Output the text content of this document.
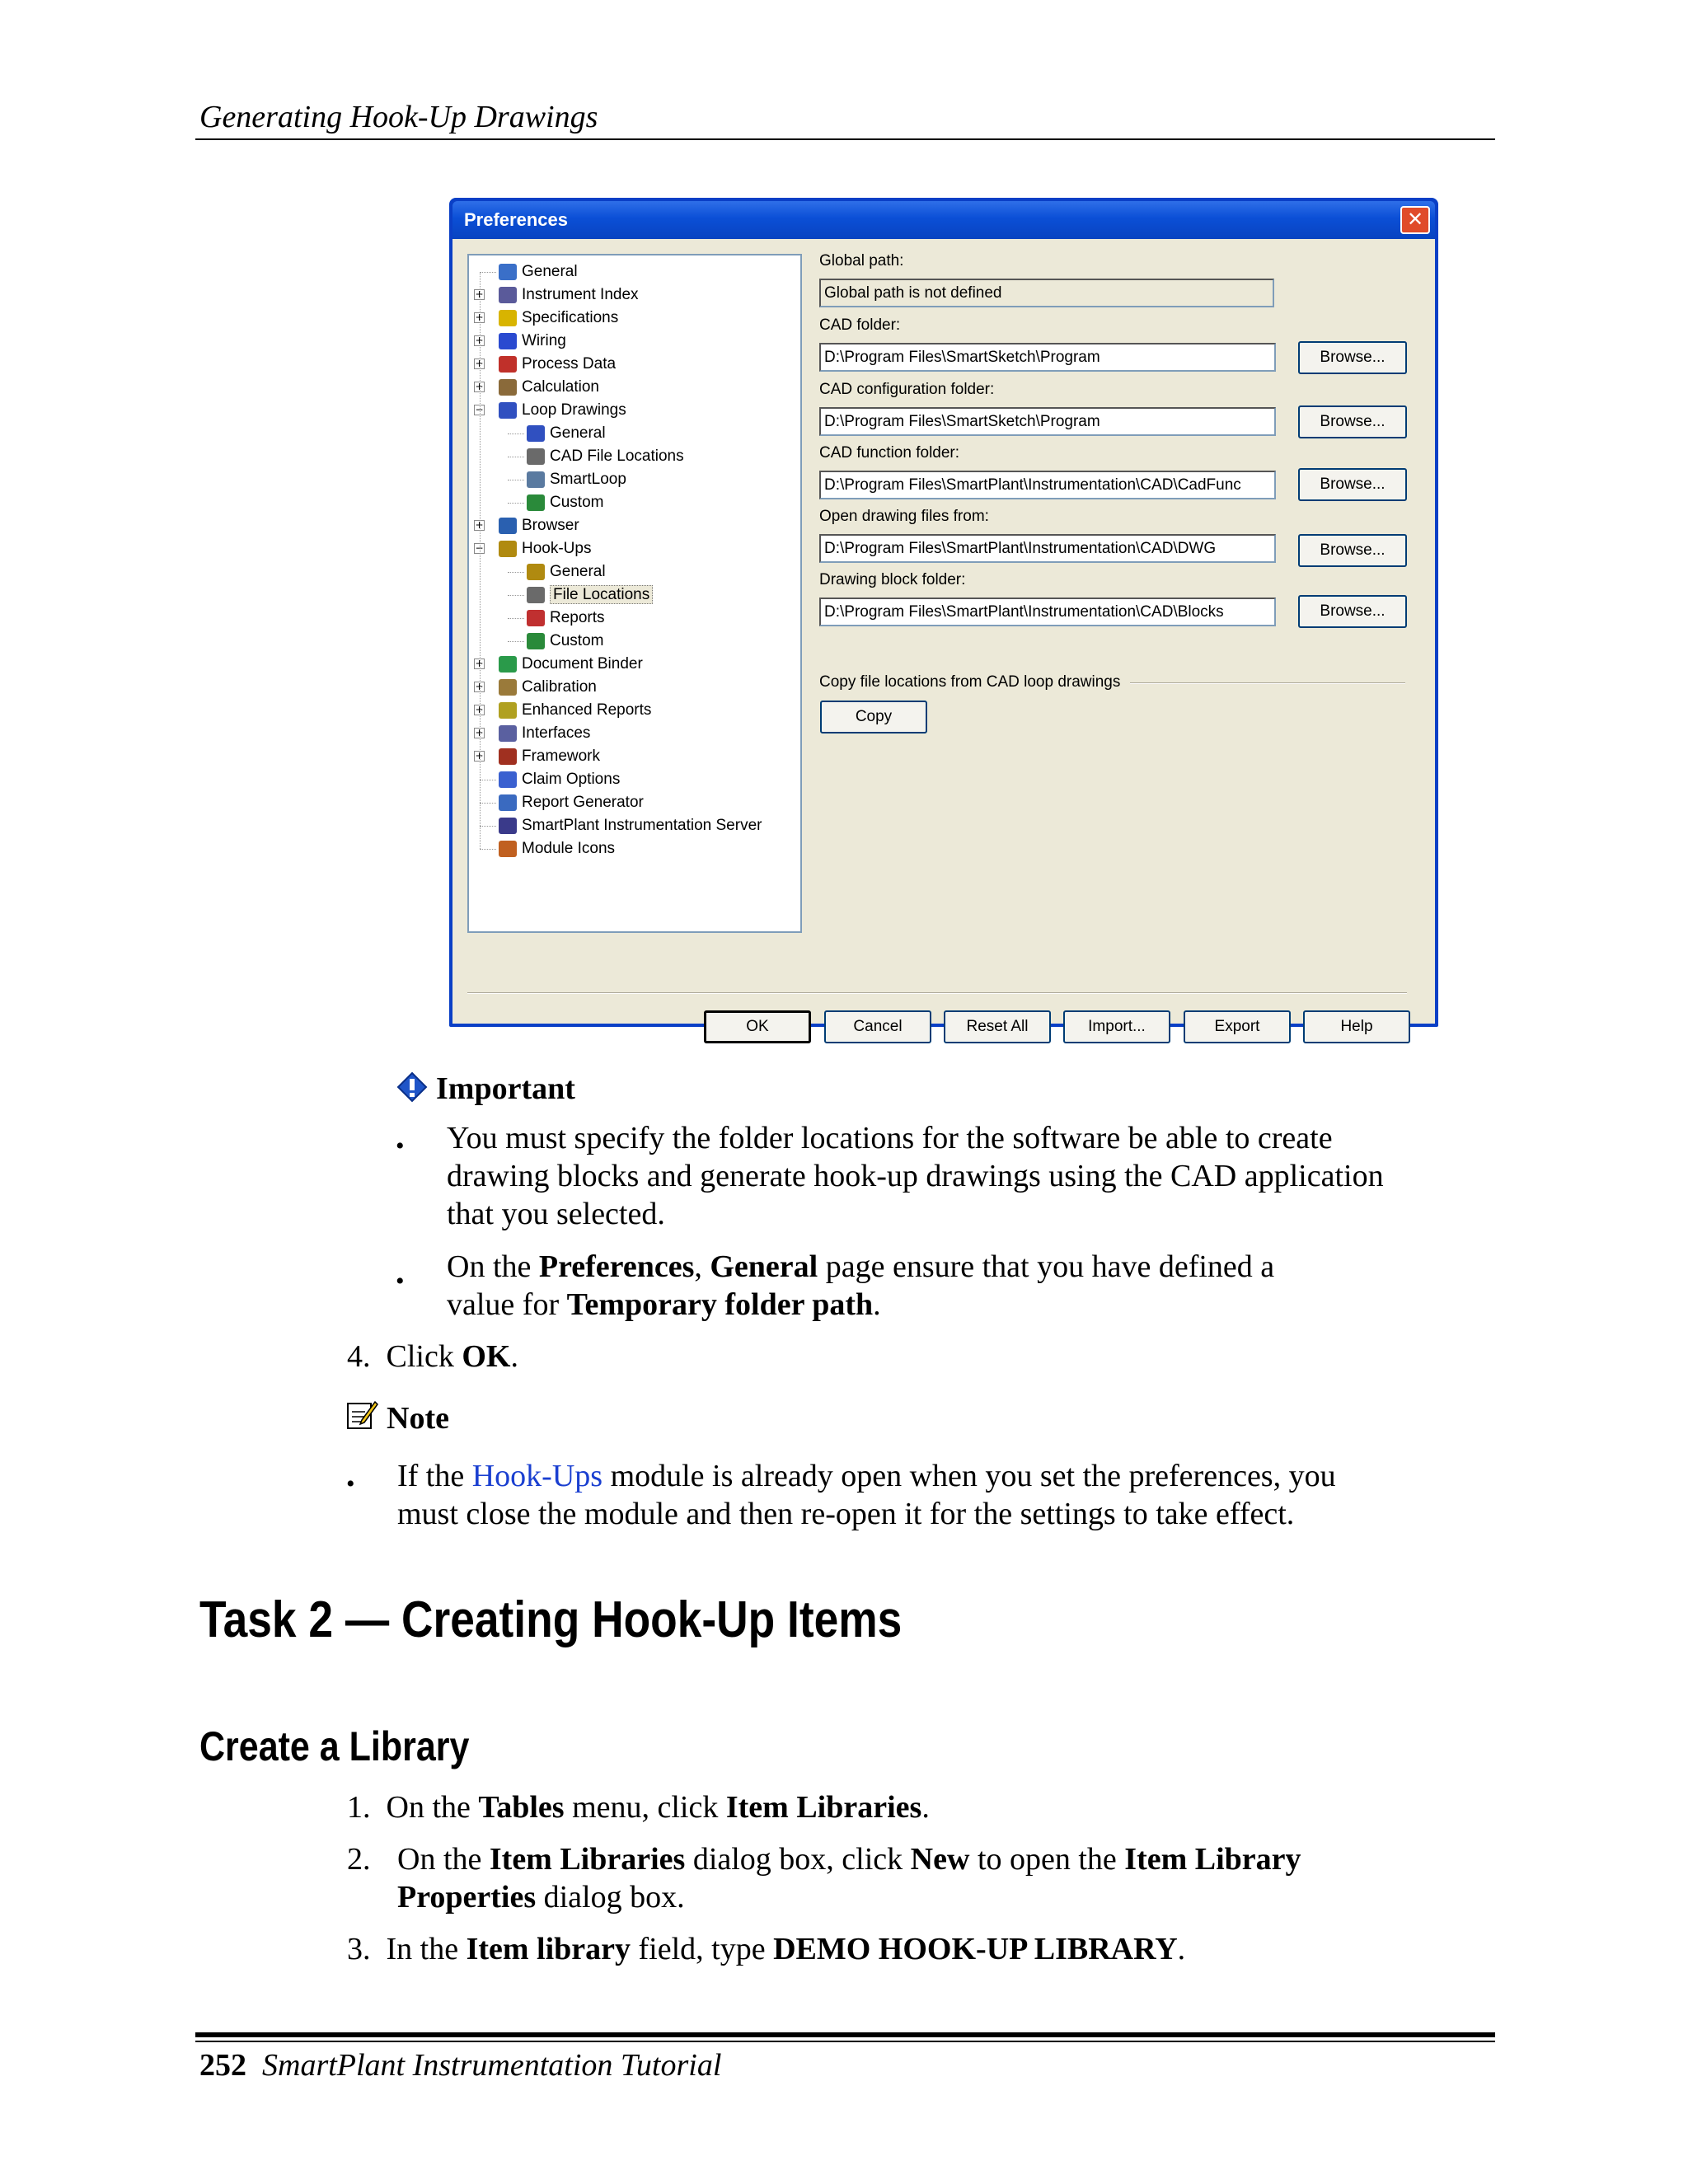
Generating Hook-Up Drawings
Preferences	✕
General
+	Instrument Index
+	Specifications
+	Wiring
+	Process Data
+	Calculation
−	Loop Drawings
General
CAD File Locations
SmartLoop
Custom
+	Browser
−	Hook-Ups
General
File Locations
Reports
Custom
+	Document Binder
+	Calibration
+	Enhanced Reports
+	Interfaces
+	Framework
Claim Options
Report Generator
SmartPlant Instrumentation Server
Module Icons
Global path:
Global path is not defined
CAD folder:
D:\Program Files\SmartSketch\Program	Browse...
CAD configuration folder:
D:\Program Files\SmartSketch\Program	Browse...
CAD function folder:
D:\Program Files\SmartPlant\Instrumentation\CAD\CadFunc	Browse...
Open drawing files from:
D:\Program Files\SmartPlant\Instrumentation\CAD\DWG	Browse...
Drawing block folder:
D:\Program Files\SmartPlant\Instrumentation\CAD\Blocks	Browse...
Copy file locations from CAD loop drawings
Copy
OK	Cancel	Reset All	Import...	Export	Help
Important
• You must specify the folder locations for the software be able to create drawing blocks and generate hook-up drawings using the CAD application that you selected.
• On the Preferences, General page ensure that you have defined a
value for Temporary folder path.
4. Click OK.
Note
• If the Hook-Ups module is already open when you set the preferences, you
must close the module and then re-open it for the settings to take effect.
Task 2 — Creating Hook-Up Items
Create a Library
1. On the Tables menu, click Item Libraries.
2. On the Item Libraries dialog box, click New to open the Item Library
Properties dialog box.
3. In the Item library field, type DEMO HOOK-UP LIBRARY.
252 SmartPlant Instrumentation Tutorial
